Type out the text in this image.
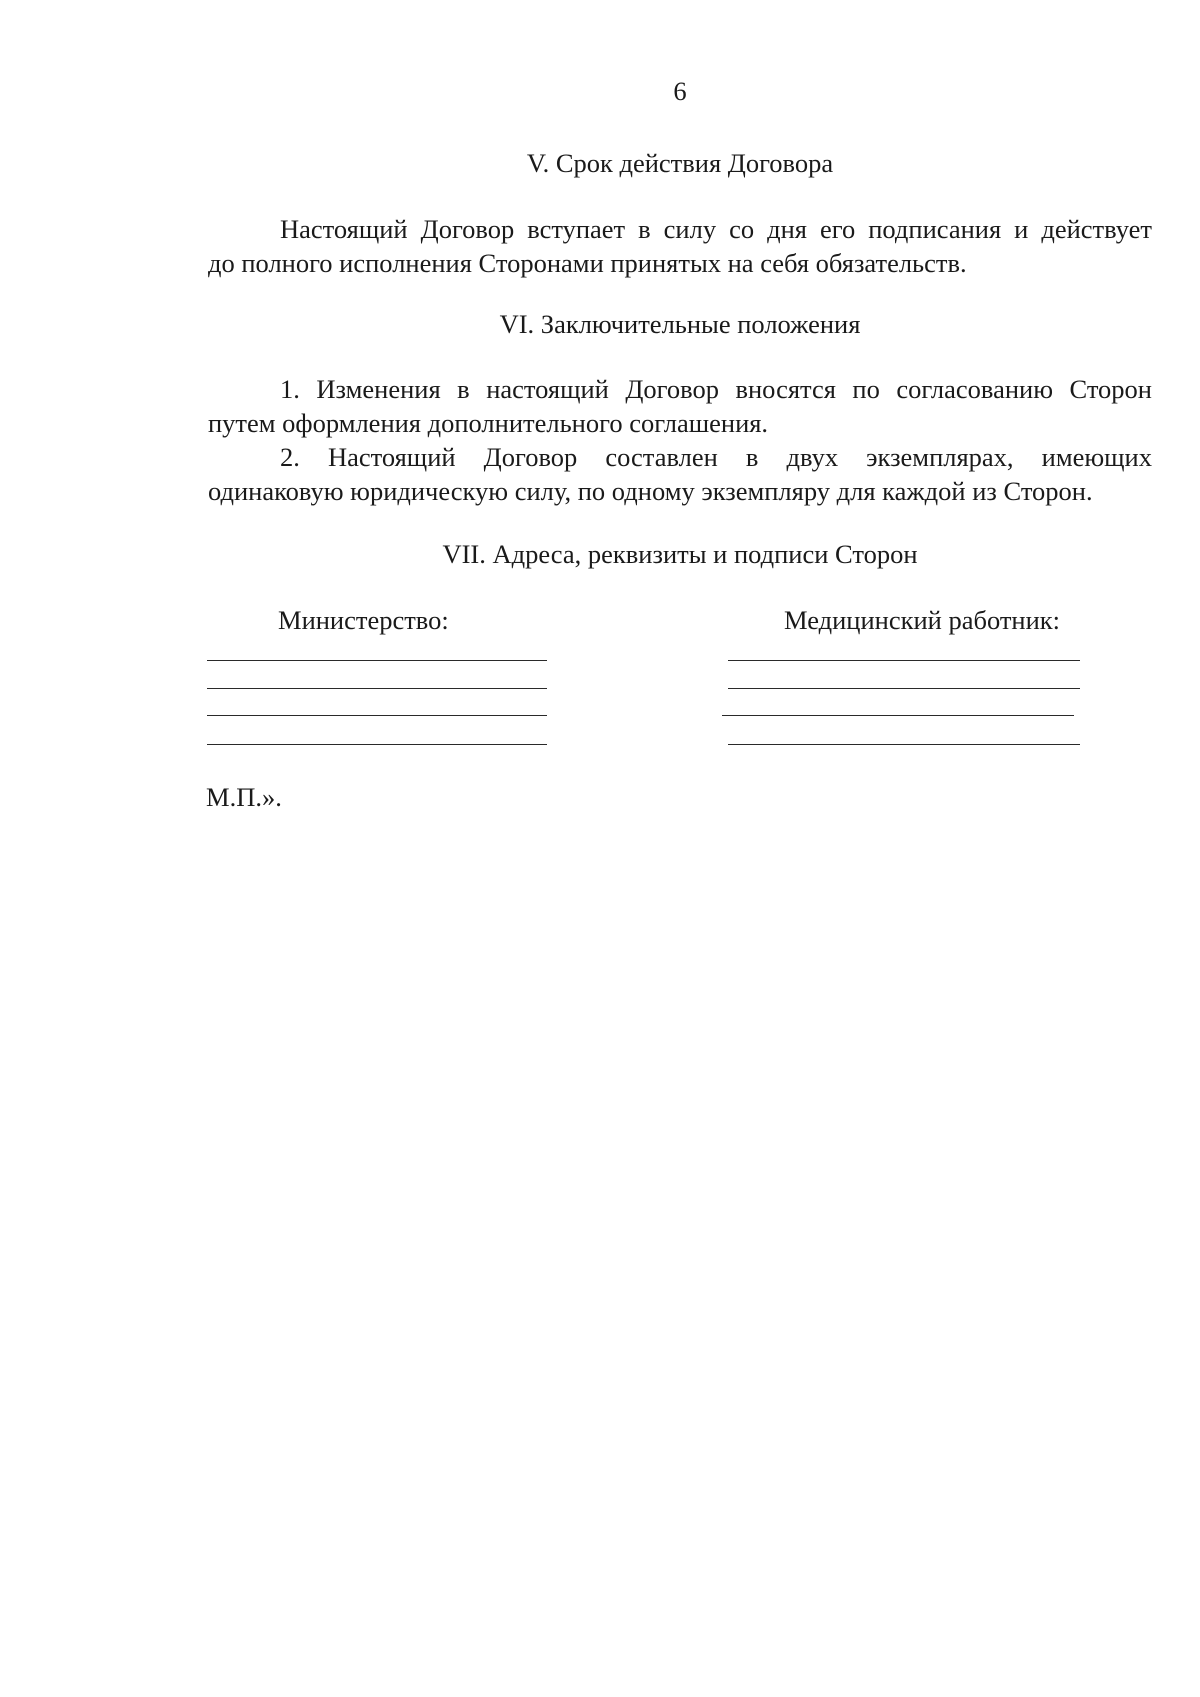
6
V. Срок действия Договора
Настоящий Договор вступает в силу со дня его подписания и действует
до полного исполнения Сторонами принятых на себя обязательств.
VI. Заключительные положения
1. Изменения в настоящий Договор вносятся по согласованию Сторон
путем оформления дополнительного соглашения.
2. Настоящий Договор составлен в двух экземплярах, имеющих
одинаковую юридическую силу, по одному экземпляру для каждой из Сторон.
VII. Адреса, реквизиты и подписи Сторон
Министерство:	Медицинский работник:
М.П.».
